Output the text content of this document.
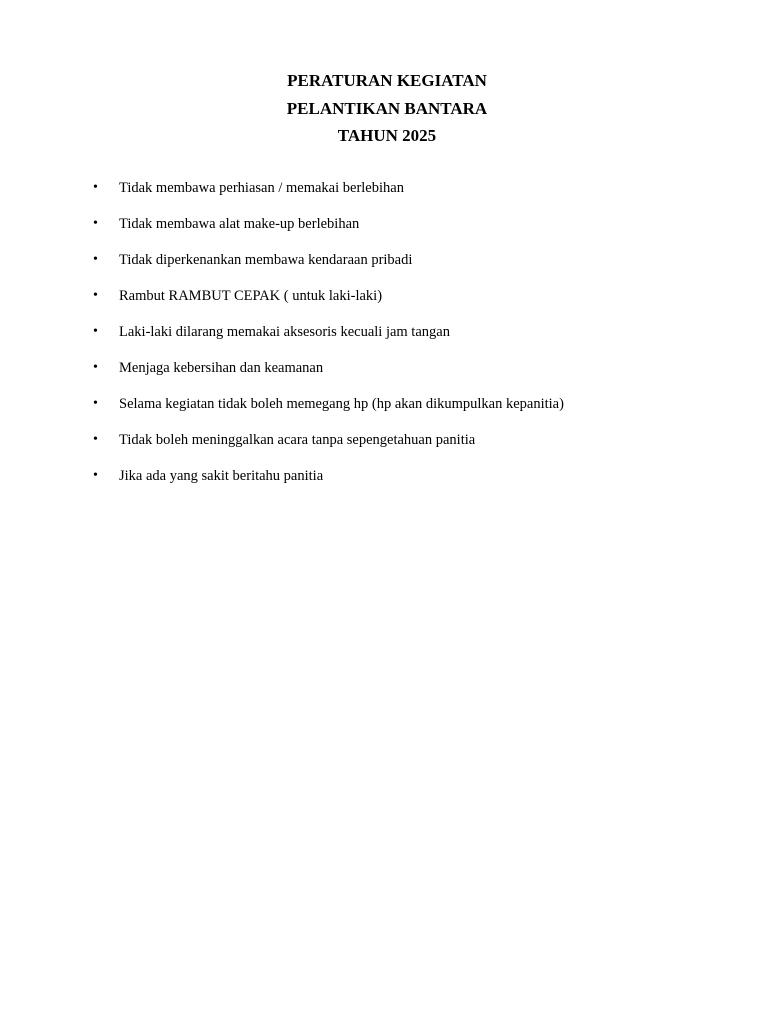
PERATURAN KEGIATAN
PELANTIKAN BANTARA
TAHUN 2025
• Tidak membawa perhiasan / memakai berlebihan
• Tidak membawa alat make-up berlebihan
• Tidak diperkenankan membawa kendaraan pribadi
• Rambut RAMBUT CEPAK ( untuk laki-laki)
• Laki-laki dilarang memakai aksesoris kecuali jam tangan
• Menjaga kebersihan dan keamanan
• Selama kegiatan tidak boleh memegang hp (hp akan dikumpulkan kepanitia)
• Tidak boleh meninggalkan acara tanpa sepengetahuan panitia
• Jika ada yang sakit beritahu panitia
